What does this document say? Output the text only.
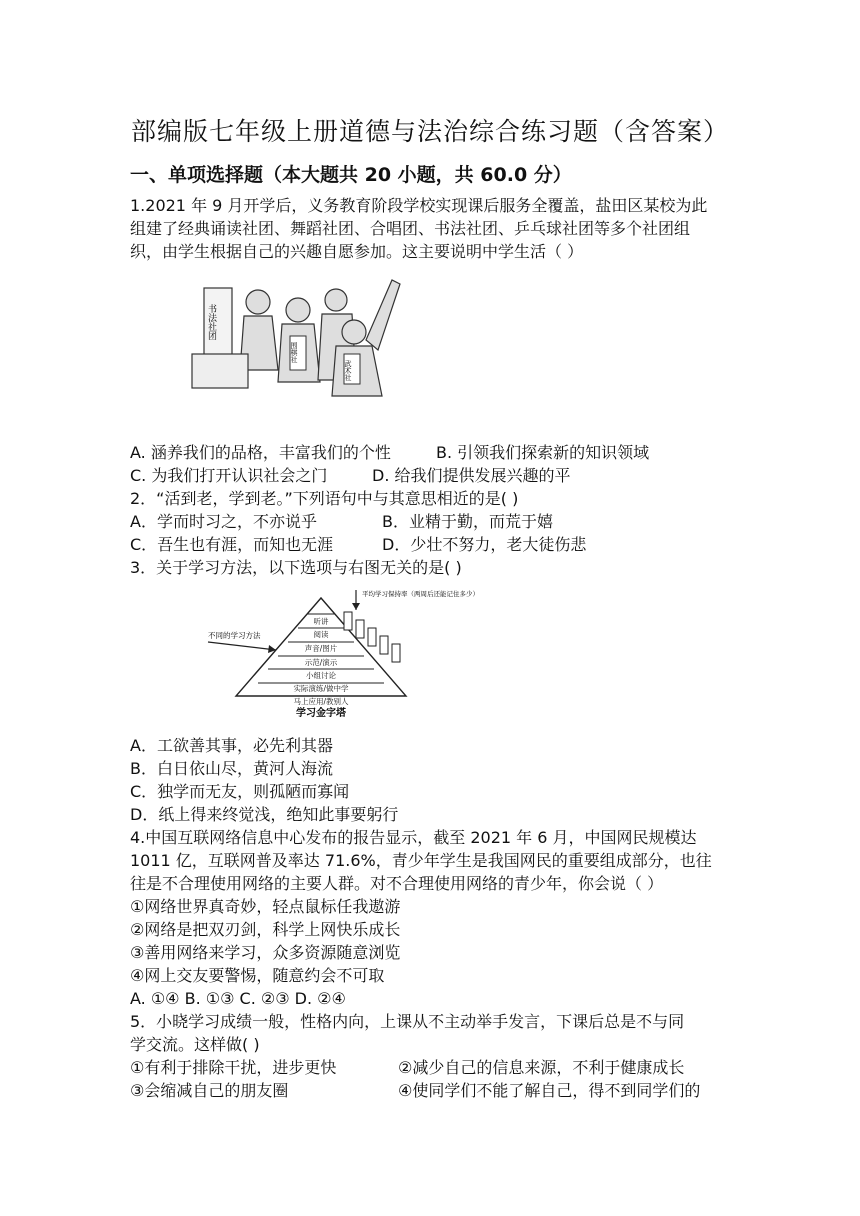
部编版七年级上册道德与法治综合练习题（含答案）
一、单项选择题（本大题共 20 小题，共 60.0 分）
1.2021 年 9 月开学后，义务教育阶段学校实现课后服务全覆盖，盐田区某校为此
组建了经典诵读社团、舞蹈社团、合唱团、书法社团、乒乓球社团等多个社团组
织，由学生根据自己的兴趣自愿参加。这主要说明中学生活（ ）
书法社团
围棋社
武术社
A. 涵养我们的品格，丰富我们的个性	B. 引领我们探索新的知识领域
C. 为我们打开认识社会之门	D. 给我们提供发展兴趣的平
2．“活到老，学到老。”下列语句中与其意思相近的是( )
A．学而时习之，不亦说乎	B．业精于勤，而荒于嬉
C．吾生也有涯，而知也无涯	D．少壮不努力，老大徒伤悲
3．关于学习方法，以下选项与右图无关的是( )
听讲
阅读
声音/图片
示范/演示
小组讨论
实际演练/做中学
马上应用/教别人
不同的学习方法
平均学习保持率（两周后还能记住多少）
学习金字塔
A．工欲善其事，必先利其器
B．白日依山尽，黄河人海流
C．独学而无友，则孤陋而寡闻
D．纸上得来终觉浅，绝知此事要躬行
4.中国互联网络信息中心发布的报告显示，截至 2021 年 6 月，中国网民规模达
1011 亿，互联网普及率达 71.6%，青少年学生是我国网民的重要组成部分，也往
往是不合理使用网络的主要人群。对不合理使用网络的青少年，你会说（ ）
①网络世界真奇妙，轻点鼠标任我遨游
②网络是把双刃剑，科学上网快乐成长
③善用网络来学习，众多资源随意浏览
④网上交友要警惕，随意约会不可取
A. ①④ B. ①③ C. ②③ D. ②④
5．小晓学习成绩一般，性格内向，上课从不主动举手发言，下课后总是不与同
学交流。这样做( )
①有利于排除干扰，进步更快	②减少自己的信息来源，不利于健康成长
③会缩减自己的朋友圈	④使同学们不能了解自己，得不到同学们的
